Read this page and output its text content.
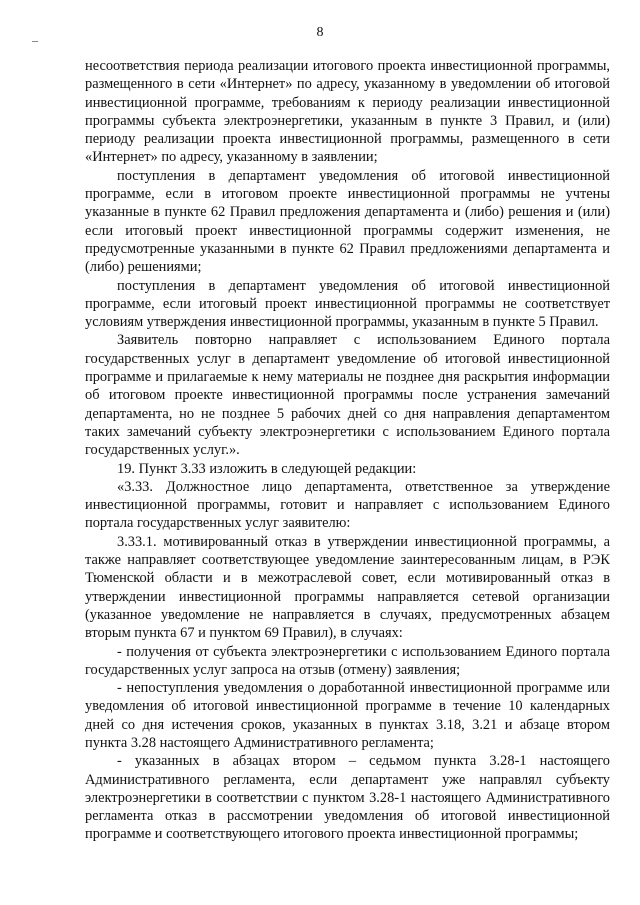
8

несоответствия периода реализации итогового проекта инвестиционной программы, размещенного в сети «Интернет» по адресу, указанному в уведомлении об итоговой инвестиционной программе, требованиям к периоду реализации инвестиционной программы субъекта электроэнергетики, указанным в пункте 3 Правил, и (или) периоду реализации проекта инвестиционной программы, размещенного в сети «Интернет» по адресу, указанному в заявлении;

поступления в департамент уведомления об итоговой инвестиционной программе, если в итоговом проекте инвестиционной программы не учтены указанные в пункте 62 Правил предложения департамента и (либо) решения и (или) если итоговый проект инвестиционной программы содержит изменения, не предусмотренные указанными в пункте 62 Правил предложениями департамента и (либо) решениями;

поступления в департамент уведомления об итоговой инвестиционной программе, если итоговый проект инвестиционной программы не соответствует условиям утверждения инвестиционной программы, указанным в пункте 5 Правил.

Заявитель повторно направляет с использованием Единого портала государственных услуг в департамент уведомление об итоговой инвестиционной программе и прилагаемые к нему материалы не позднее дня раскрытия информации об итоговом проекте инвестиционной программы после устранения замечаний департамента, но не позднее 5 рабочих дней со дня направления департаментом таких замечаний субъекту электроэнергетики с использованием Единого портала государственных услуг.».

19. Пункт 3.33 изложить в следующей редакции:

«3.33. Должностное лицо департамента, ответственное за утверждение инвестиционной программы, готовит и направляет с использованием Единого портала государственных услуг заявителю:

3.33.1. мотивированный отказ в утверждении инвестиционной программы, а также направляет соответствующее уведомление заинтересованным лицам, в РЭК Тюменской области и в межотраслевой совет, если мотивированный отказ в утверждении инвестиционной программы направляется сетевой организации (указанное уведомление не направляется в случаях, предусмотренных абзацем вторым пункта 67 и пунктом 69 Правил), в случаях:

- получения от субъекта электроэнергетики с использованием Единого портала государственных услуг запроса на отзыв (отмену) заявления;

- непоступления уведомления о доработанной инвестиционной программе или уведомления об итоговой инвестиционной программе в течение 10 календарных дней со дня истечения сроков, указанных в пунктах 3.18, 3.21 и абзаце втором пункта 3.28 настоящего Административного регламента;

- указанных в абзацах втором – седьмом пункта 3.28-1 настоящего Административного регламента, если департамент уже направлял субъекту электроэнергетики в соответствии с пунктом 3.28-1 настоящего Административного регламента отказ в рассмотрении уведомления об итоговой инвестиционной программе и соответствующего итогового проекта инвестиционной программы;
